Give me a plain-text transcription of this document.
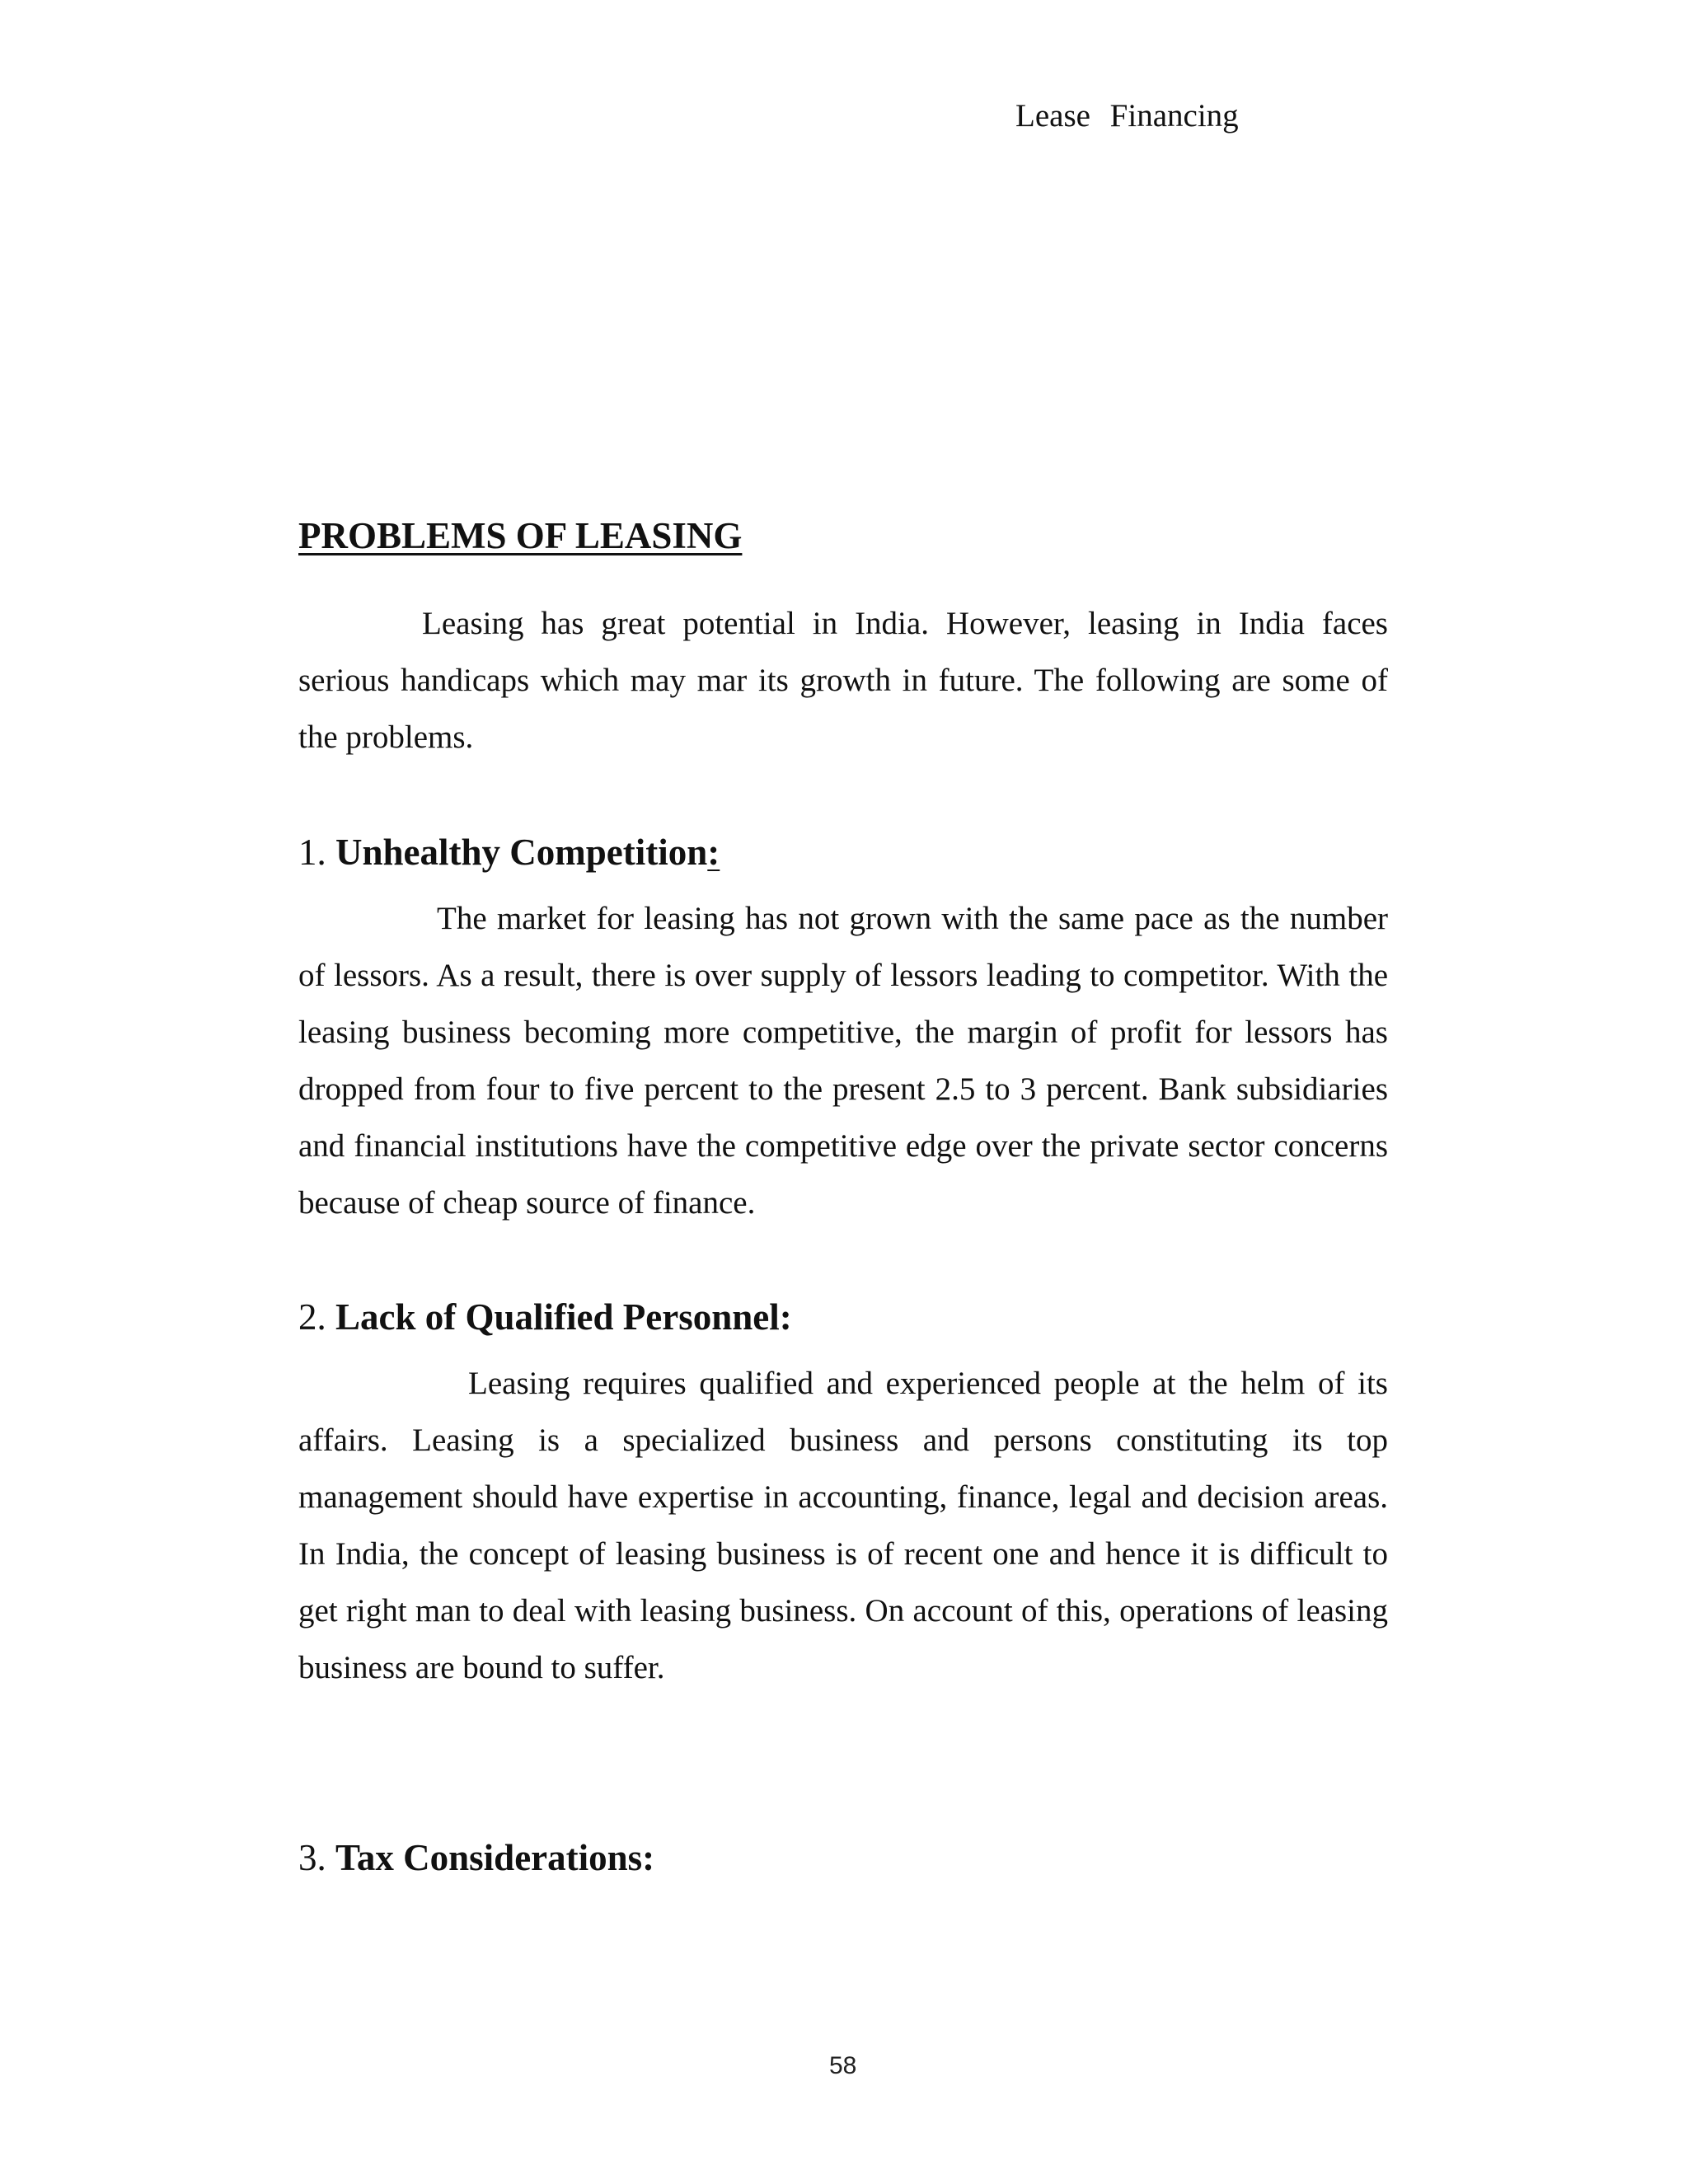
Lease Financing
PROBLEMS OF LEASING

Leasing has great potential in India. However, leasing in India faces serious handicaps which may mar its growth in future. The following are some of the problems.

1. Unhealthy Competition:

The market for leasing has not grown with the same pace as the number of lessors. As a result, there is over supply of lessors leading to competitor. With the leasing business becoming more competitive, the margin of profit for lessors has dropped from four to five percent to the present 2.5 to 3 percent. Bank subsidiaries and financial institutions have the competitive edge over the private sector concerns because of cheap source of finance.

2. Lack of Qualified Personnel:

Leasing requires qualified and experienced people at the helm of its affairs. Leasing is a specialized business and persons constituting its top management should have expertise in accounting, finance, legal and decision areas. In India, the concept of leasing business is of recent one and hence it is difficult to get right man to deal with leasing business. On account of this, operations of leasing business are bound to suffer.

3. Tax Considerations:
58
